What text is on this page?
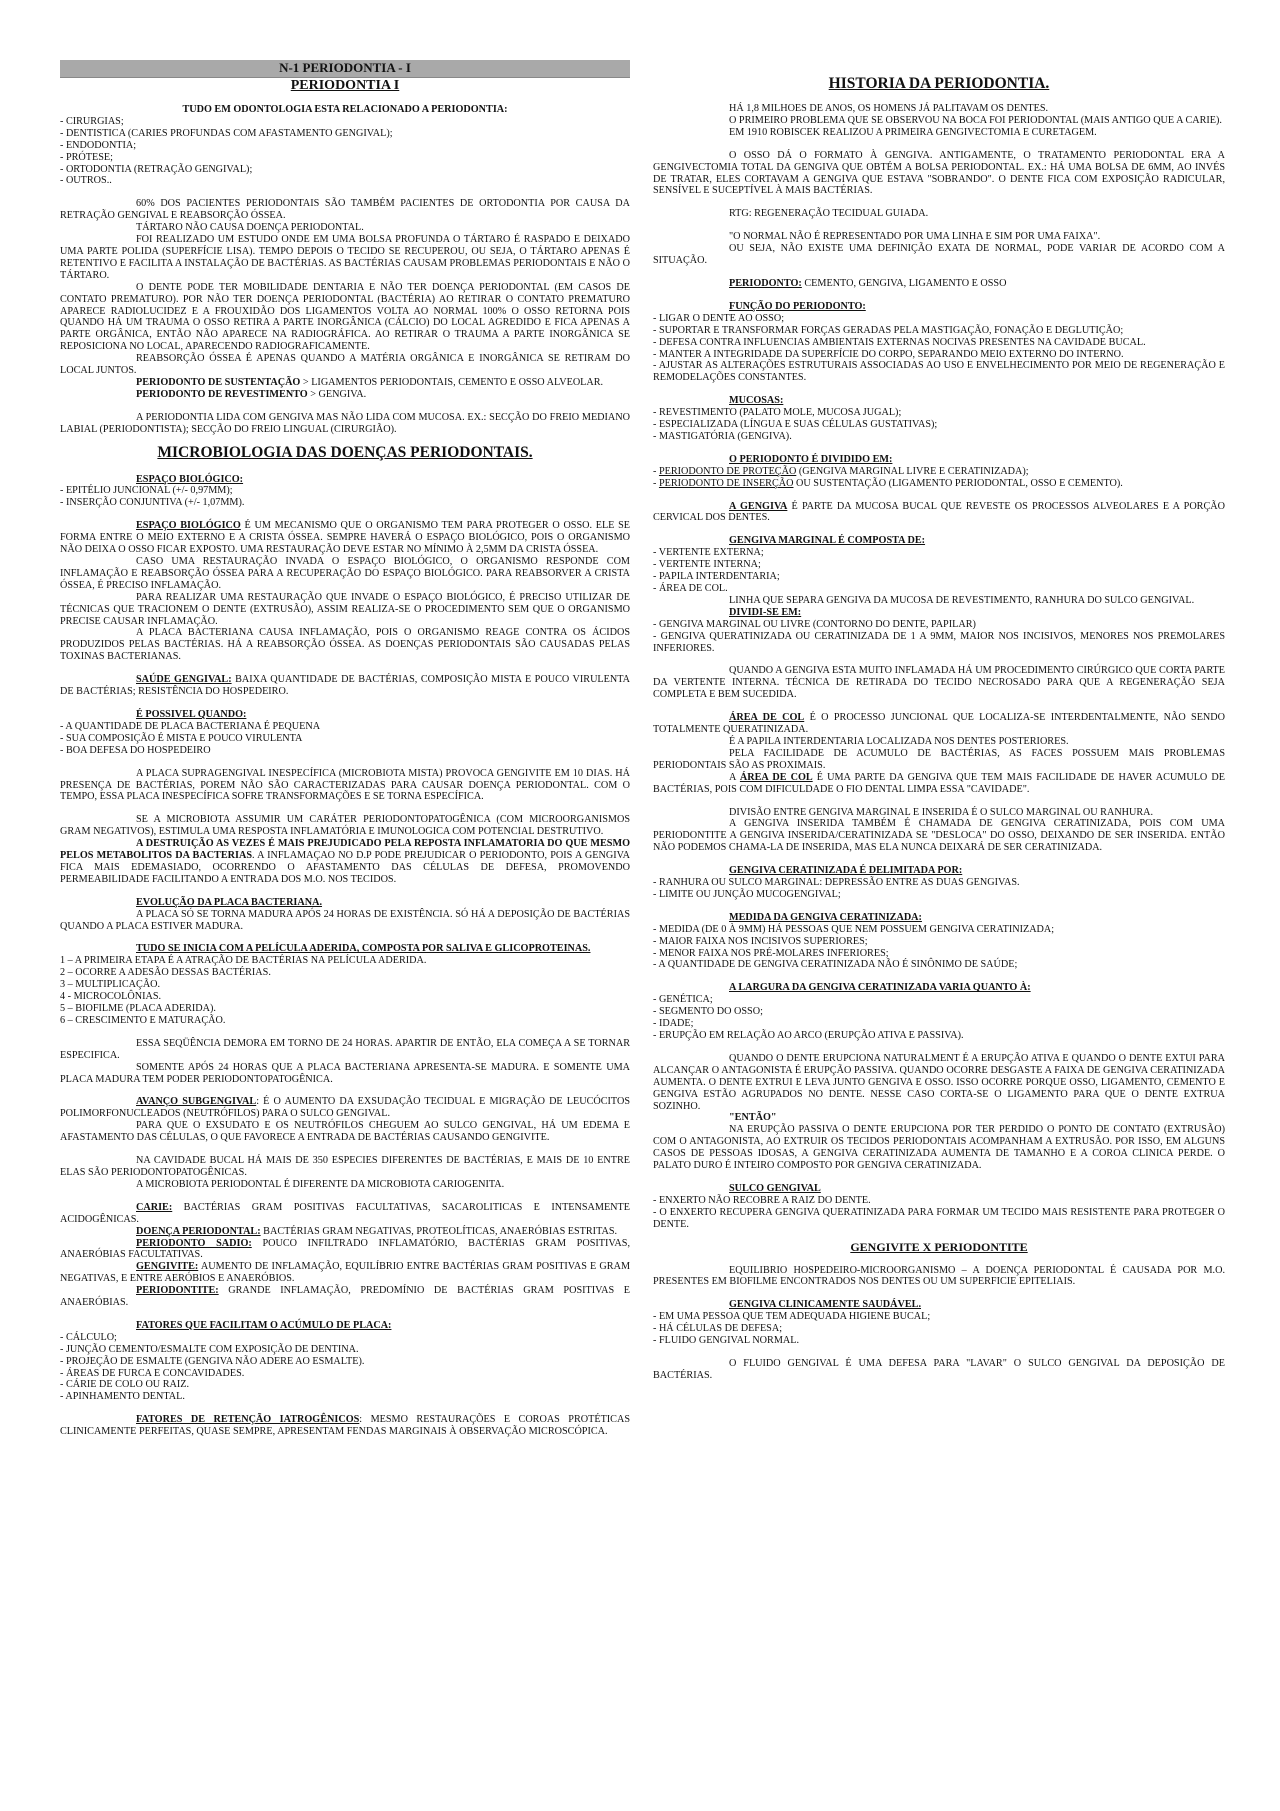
N-1 PERIODONTIA - I
PERIODONTIA I
TUDO EM ODONTOLOGIA ESTA RELACIONADO A PERIODONTIA:
- CIRURGIAS;
- DENTISTICA (CARIES PROFUNDAS COM AFASTAMENTO GENGIVAL);
- ENDODONTIA;
- PRÓTESE;
- ORTODONTIA (RETRAÇÃO GENGIVAL);
- OUTROS..

60% DOS PACIENTES PERIODONTAIS SÃO TAMBÉM PACIENTES DE ORTODONTIA POR CAUSA DA RETRAÇÃO GENGIVAL E REABSORÇÃO ÓSSEA.

TÁRTARO NÃO CAUSA DOENÇA PERIODONTAL.

FOI REALIZADO UM ESTUDO ONDE EM UMA BOLSA PROFUNDA O TÁRTARO É RASPADO E DEIXADO UMA PARTE POLIDA (SUPERFÍCIE LISA). TEMPO DEPOIS O TECIDO SE RECUPEROU, OU SEJA, O TÁRTARO APENAS É RETENTIVO E FACILITA A INSTALAÇÃO DE BACTÉRIAS. AS BACTÉRIAS CAUSAM PROBLEMAS PERIODONTAIS E NÃO O TÁRTARO.

O DENTE PODE TER MOBILIDADE DENTARIA E NÃO TER DOENÇA PERIODONTAL (EM CASOS DE CONTATO PREMATURO). POR NÃO TER DOENÇA PERIODONTAL (BACTÉRIA) AO RETIRAR O CONTATO PREMATURO APARECE RADIOLUCIDEZ E A FROUXIDÃO DOS LIGAMENTOS VOLTA AO NORMAL 100% O OSSO RETORNA POIS QUANDO HÁ UM TRAUMA O OSSO RETIRA A PARTE INORGÂNICA (CÁLCIO) DO LOCAL AGREDIDO E FICA APENAS A PARTE ORGÂNICA, ENTÃO NÃO APARECE NA RADIOGRÁFICA. AO RETIRAR O TRAUMA A PARTE INORGÂNICA SE REPOSICIONA NO LOCAL, APARECENDO RADIOGRAFICAMENTE.

REABSORÇÃO ÓSSEA É APENAS QUANDO A MATÉRIA ORGÂNICA E INORGÂNICA SE RETIRAM DO LOCAL JUNTOS.

PERIODONTO DE SUSTENTAÇÃO > LIGAMENTOS PERIODONTAIS, CEMENTO E OSSO ALVEOLAR.

PERIODONTO DE REVESTIMENTO > GENGIVA.

A PERIODONTIA LIDA COM GENGIVA MAS NÃO LIDA COM MUCOSA. EX.: SECÇÃO DO FREIO MEDIANO LABIAL (PERIODONTISTA); SECÇÃO DO FREIO LINGUAL (CIRURGIÃO).

MICROBIOLOGIA DAS DOENÇAS PERIODONTAIS.
ESPAÇO BIOLÓGICO:
- EPITÉLIO JUNCIONAL (+/- 0,97MM);
- INSERÇÃO CONJUNTIVA (+/- 1,07MM).

ESPAÇO BIOLÓGICO É UM MECANISMO QUE O ORGANISMO TEM PARA PROTEGER O OSSO. ELE SE FORMA ENTRE O MEIO EXTERNO E A CRISTA ÓSSEA. SEMPRE HAVERÁ O ESPAÇO BIOLÓGICO, POIS O ORGANISMO NÃO DEIXA O OSSO FICAR EXPOSTO. UMA RESTAURAÇÃO DEVE ESTAR NO MÍNIMO À 2,5MM DA CRISTA ÓSSEA.

CASO UMA RESTAURAÇÃO INVADA O ESPAÇO BIOLÓGICO, O ORGANISMO RESPONDE COM INFLAMAÇÃO E REABSORÇÃO ÓSSEA PARA A RECUPERAÇÃO DO ESPAÇO BIOLÓGICO. PARA REABSORVER A CRISTA ÓSSEA, É PRECISO INFLAMAÇÃO.

PARA REALIZAR UMA RESTAURAÇÃO QUE INVADE O ESPAÇO BIOLÓGICO, É PRECISO UTILIZAR DE TÉCNICAS QUE TRACIONEM O DENTE (EXTRUSÃO), ASSIM REALIZA-SE O PROCEDIMENTO SEM QUE O ORGANISMO PRECISE CAUSAR INFLAMAÇÃO.

A PLACA BACTERIANA CAUSA INFLAMAÇÃO, POIS O ORGANISMO REAGE CONTRA OS ÁCIDOS PRODUZIDOS PELAS BACTÉRIAS. HÁ A REABSORÇÃO ÓSSEA. AS DOENÇAS PERIODONTAIS SÃO CAUSADAS PELAS TOXINAS BACTERIANAS.

SAÚDE GENGIVAL: BAIXA QUANTIDADE DE BACTÉRIAS, COMPOSIÇÃO MISTA E POUCO VIRULENTA DE BACTÉRIAS; RESISTÊNCIA DO HOSPEDEIRO.

É POSSIVEL QUANDO:
- A QUANTIDADE DE PLACA BACTERIANA É PEQUENA
- SUA COMPOSIÇÃO É MISTA E POUCO VIRULENTA
- BOA DEFESA DO HOSPEDEIRO

A PLACA SUPRAGENGIVAL INESPECÍFICA (MICROBIOTA MISTA) PROVOCA GENGIVITE EM 10 DIAS. HÁ PRESENÇA DE BACTÉRIAS, POREM NÃO SÃO CARACTERIZADAS PARA CAUSAR DOENÇA PERIODONTAL. COM O TEMPO, ESSA PLACA INESPECÍFICA SOFRE TRANSFORMAÇÕES E SE TORNA ESPECÍFICA.

SE A MICROBIOTA ASSUMIR UM CARÁTER PERIODONTOPATOGÊNICA (COM MICROORGANISMOS GRAM NEGATIVOS), ESTIMULA UMA RESPOSTA INFLAMATÓRIA E IMUNOLOGICA COM POTENCIAL DESTRUTIVO.

A DESTRUIÇÃO AS VEZES É MAIS PREJUDICADO PELA REPOSTA INFLAMATORIA DO QUE MESMO PELOS METABOLITOS DA BACTERIAS. A INFLAMAÇAO NO D.P PODE PREJUDICAR O PERIODONTO, POIS A GENGIVA FICA MAIS EDEMASIADO, OCORRENDO O AFASTAMENTO DAS CÉLULAS DE DEFESA, PROMOVENDO PERMEABILIDADE FACILITANDO A ENTRADA DOS M.O. NOS TECIDOS.

EVOLUÇÃO DA PLACA BACTERIANA.

A PLACA SÓ SE TORNA MADURA APÓS 24 HORAS DE EXISTÊNCIA. SÓ HÁ A DEPOSIÇÃO DE BACTÉRIAS QUANDO A PLACA ESTIVER MADURA.

TUDO SE INICIA COM A PELÍCULA ADERIDA, COMPOSTA POR SALIVA E GLICOPROTEINAS.

1 – A PRIMEIRA ETAPA É A ATRAÇÃO DE BACTÉRIAS NA PELÍCULA ADERIDA.
2 – OCORRE A ADESÃO DESSAS BACTÉRIAS.
3 – MULTIPLICAÇÃO.
4 - MICROCOLÔNIAS.
5 – BIOFILME (PLACA ADERIDA).
6 – CRESCIMENTO E MATURAÇÃO.

ESSA SEQÜÊNCIA DEMORA EM TORNO DE 24 HORAS. APARTIR DE ENTÃO, ELA COMEÇA A SE TORNAR ESPECIFICA.

SOMENTE APÓS 24 HORAS QUE A PLACA BACTERIANA APRESENTA-SE MADURA. E SOMENTE UMA PLACA MADURA TEM PODER PERIODONTOPATOGÊNICA.

AVANÇO SUBGENGIVAL: É O AUMENTO DA EXSUDAÇÃO TECIDUAL E MIGRAÇÃO DE LEUCÓCITOS POLIMORFONUCLEADOS (NEUTRÓFILOS) PARA O SULCO GENGIVAL.

PARA QUE O EXSUDATO E OS NEUTRÓFILOS CHEGUEM AO SULCO GENGIVAL, HÁ UM EDEMA E AFASTAMENTO DAS CÉLULAS, O QUE FAVORECE A ENTRADA DE BACTÉRIAS CAUSANDO GENGIVITE.

NA CAVIDADE BUCAL HÁ MAIS DE 350 ESPECIES DIFERENTES DE BACTÉRIAS, E MAIS DE 10 ENTRE ELAS SÃO PERIODONTOPATOGÊNICAS.

A MICROBIOTA PERIODONTAL É DIFERENTE DA MICROBIOTA CARIOGENITA.

CARIE: BACTÉRIAS GRAM POSITIVAS FACULTATIVAS, SACAROLITICAS E INTENSAMENTE ACIDOGÊNICAS.

DOENÇA PERIODONTAL: BACTÉRIAS GRAM NEGATIVAS, PROTEOLÍTICAS, ANAERÓBIAS ESTRITAS.

PERIODONTO SADIO: POUCO INFILTRADO INFLAMATÓRIO, BACTÉRIAS GRAM POSITIVAS, ANAERÓBIAS FACULTATIVAS.

GENGIVITE: AUMENTO DE INFLAMAÇÃO, EQUILÍBRIO ENTRE BACTÉRIAS GRAM POSITIVAS E GRAM NEGATIVAS, E ENTRE AERÓBIOS E ANAERÓBIOS.

PERIODONTITE: GRANDE INFLAMAÇÃO, PREDOMÍNIO DE BACTÉRIAS GRAM POSITIVAS E ANAERÓBIAS.

FATORES QUE FACILITAM O ACÚMULO DE PLACA:
- CÁLCULO;
- JUNÇÃO CEMENTO/ESMALTE COM EXPOSIÇÃO DE DENTINA.
- PROJEÇÃO DE ESMALTE (GENGIVA NÃO ADERE AO ESMALTE).
- ÁREAS DE FURCA E CONCAVIDADES.
- CÁRIE DE COLO OU RAIZ.
- APINHAMENTO DENTAL.

FATORES DE RETENÇÃO IATROGÊNICOS: MESMO RESTAURAÇÕES E COROAS PROTÉTICAS CLINICAMENTE PERFEITAS, QUASE SEMPRE, APRESENTAM FENDAS MARGINAIS À OBSERVAÇÃO MICROSCÓPICA.

HISTORIA DA PERIODONTIA.

HÁ 1,8 MILHOES DE ANOS, OS HOMENS JÁ PALITAVAM OS DENTES.

O PRIMEIRO PROBLEMA QUE SE OBSERVOU NA BOCA FOI PERIODONTAL (MAIS ANTIGO QUE A CARIE).

EM 1910 ROBISCEK REALIZOU A PRIMEIRA GENGIVECTOMIA E CURETAGEM.

O OSSO DÁ O FORMATO À GENGIVA. ANTIGAMENTE, O TRATAMENTO PERIODONTAL ERA A GENGIVECTOMIA TOTAL DA GENGIVA QUE OBTÉM A BOLSA PERIODONTAL. EX.: HÁ UMA BOLSA DE 6MM, AO INVÉS DE TRATAR, ELES CORTAVAM A GENGIVA QUE ESTAVA "SOBRANDO". O DENTE FICA COM EXPOSIÇÃO RADICULAR, SENSÍVEL E SUCEPTÍVEL À MAIS BACTÉRIAS.

RTG: REGENERAÇÃO TECIDUAL GUIADA.

"O NORMAL NÃO É REPRESENTADO POR UMA LINHA E SIM POR UMA FAIXA".

OU SEJA, NÃO EXISTE UMA DEFINIÇÃO EXATA DE NORMAL, PODE VARIAR DE ACORDO COM A SITUAÇÃO.

PERIODONTO: CEMENTO, GENGIVA, LIGAMENTO E OSSO

FUNÇÃO DO PERIODONTO:

- LIGAR O DENTE AO OSSO;

- SUPORTAR E TRANSFORMAR FORÇAS GERADAS PELA MASTIGAÇÃO, FONAÇÃO E DEGLUTIÇÃO;

- DEFESA CONTRA INFLUENCIAS AMBIENTAIS EXTERNAS NOCIVAS PRESENTES NA CAVIDADE BUCAL.

- MANTER A INTEGRIDADE DA SUPERFÍCIE DO CORPO, SEPARANDO MEIO EXTERNO DO INTERNO.

- AJUSTAR AS ALTERAÇÕES ESTRUTURAIS ASSOCIADAS AO USO E ENVELHECIMENTO POR MEIO DE REGENERAÇÃO E REMODELAÇÕES CONSTANTES.

MUCOSAS:
- REVESTIMENTO (PALATO MOLE, MUCOSA JUGAL);
- ESPECIALIZADA (LÍNGUA E SUAS CÉLULAS GUSTATIVAS);
- MASTIGATÓRIA (GENGIVA).
O PERIODONTO É DIVIDIDO EM:

- PERIODONTO DE PROTEÇÃO (GENGIVA MARGINAL LIVRE E CERATINIZADA);

- PERIODONTO DE INSERÇÃO OU SUSTENTAÇÃO (LIGAMENTO PERIODONTAL, OSSO E CEMENTO).

A GENGIVA É PARTE DA MUCOSA BUCAL QUE REVESTE OS PROCESSOS ALVEOLARES E A PORÇÃO CERVICAL DOS DENTES.

GENGIVA MARGINAL É COMPOSTA DE:
- VERTENTE EXTERNA;
- VERTENTE INTERNA;
- PAPILA INTERDENTARIA;
- ÁREA DE COL.

LINHA QUE SEPARA GENGIVA DA MUCOSA DE REVESTIMENTO, RANHURA DO SULCO GENGIVAL.

DIVIDI-SE EM:

- GENGIVA MARGINAL OU LIVRE (CONTORNO DO DENTE, PAPILAR)

- GENGIVA QUERATINIZADA OU CERATINIZADA DE 1 A 9MM, MAIOR NOS INCISIVOS, MENORES NOS PREMOLARES INFERIORES.

QUANDO A GENGIVA ESTA MUITO INFLAMADA HÁ UM PROCEDIMENTO CIRÚRGICO QUE CORTA PARTE DA VERTENTE INTERNA. TÉCNICA DE RETIRADA DO TECIDO NECROSADO PARA QUE A REGENERAÇÃO SEJA COMPLETA E BEM SUCEDIDA.

ÁREA DE COL É O PROCESSO JUNCIONAL QUE LOCALIZA-SE INTERDENTALMENTE, NÃO SENDO TOTALMENTE QUERATINIZADA.

É A PAPILA INTERDENTARIA LOCALIZADA NOS DENTES POSTERIORES.

PELA FACILIDADE DE ACUMULO DE BACTÉRIAS, AS FACES POSSUEM MAIS PROBLEMAS PERIODONTAIS SÃO AS PROXIMAIS.

A ÁREA DE COL É UMA PARTE DA GENGIVA QUE TEM MAIS FACILIDADE DE HAVER ACUMULO DE BACTÉRIAS, POIS COM DIFICULDADE O FIO DENTAL LIMPA ESSA "CAVIDADE".

DIVISÃO ENTRE GENGIVA MARGINAL E INSERIDA É O SULCO MARGINAL OU RANHURA.

A GENGIVA INSERIDA TAMBÉM É CHAMADA DE GENGIVA CERATINIZADA, POIS COM UMA PERIODONTITE A GENGIVA INSERIDA/CERATINIZADA SE "DESLOCA" DO OSSO, DEIXANDO DE SER INSERIDA. ENTÃO NÃO PODEMOS CHAMA-LA DE INSERIDA, MAS ELA NUNCA DEIXARÁ DE SER CERATINIZADA.

GENGIVA CERATINIZADA É DELIMITADA POR:
- RANHURA OU SULCO MARGINAL: DEPRESSÃO ENTRE AS DUAS GENGIVAS.
- LIMITE OU JUNÇÃO MUCOGENGIVAL;
MEDIDA DA GENGIVA CERATINIZADA:
- MEDIDA (DE 0 À 9MM) HÁ PESSOAS QUE NEM POSSUEM GENGIVA CERATINIZADA;
- MAIOR FAIXA NOS INCISIVOS SUPERIORES;
- MENOR FAIXA NOS PRÉ-MOLARES INFERIORES;
- A QUANTIDADE DE GENGIVA CERATINIZADA NÃO É SINÔNIMO DE SAÚDE;
A LARGURA DA GENGIVA CERATINIZADA VARIA QUANTO À:
- GENÉTICA;
- SEGMENTO DO OSSO;
- IDADE;
- ERUPÇÃO EM RELAÇÃO AO ARCO (ERUPÇÃO ATIVA E PASSIVA).

QUANDO O DENTE ERUPCIONA NATURALMENT É A ERUPÇÃO ATIVA E QUANDO O DENTE EXTUI PARA ALCANÇAR O ANTAGONISTA É ERUPÇÃO PASSIVA. QUANDO OCORRE DESGASTE A FAIXA DE GENGIVA CERATINIZADA AUMENTA. O DENTE EXTRUI E LEVA JUNTO GENGIVA E OSSO. ISSO OCORRE PORQUE OSSO, LIGAMENTO, CEMENTO E GENGIVA ESTÃO AGRUPADOS NO DENTE. NESSE CASO CORTA-SE O LIGAMENTO PARA QUE O DENTE EXTRUA SOZINHO.

"ENTÃO"

NA ERUPÇÃO PASSIVA O DENTE ERUPCIONA POR TER PERDIDO O PONTO DE CONTATO (EXTRUSÃO) COM O ANTAGONISTA, AO EXTRUIR OS TECIDOS PERIODONTAIS ACOMPANHAM A EXTRUSÃO. POR ISSO, EM ALGUNS CASOS DE PESSOAS IDOSAS, A GENGIVA CERATINIZADA AUMENTA DE TAMANHO E A COROA CLINICA PERDE. O PALATO DURO É INTEIRO COMPOSTO POR GENGIVA CERATINIZADA.

SULCO GENGIVAL

- ENXERTO NÃO RECOBRE A RAIZ DO DENTE.

- O ENXERTO RECUPERA GENGIVA QUERATINIZADA PARA FORMAR UM TECIDO MAIS RESISTENTE PARA PROTEGER O DENTE.

GENGIVITE X PERIODONTITE

EQUILIBRIO HOSPEDEIRO-MICROORGANISMO – A DOENÇA PERIODONTAL É CAUSADA POR M.O. PRESENTES EM BIOFILME ENCONTRADOS NOS DENTES OU UM SUPERFICIE EPITELIAIS.

GENGIVA CLINICAMENTE SAUDÁVEL.
- EM UMA PESSOA QUE TEM ADEQUADA HIGIENE BUCAL;
- HÁ CÉLULAS DE DEFESA;
- FLUIDO GENGIVAL NORMAL.

O FLUIDO GENGIVAL É UMA DEFESA PARA "LAVAR" O SULCO GENGIVAL DA DEPOSIÇÃO DE BACTÉRIAS.
